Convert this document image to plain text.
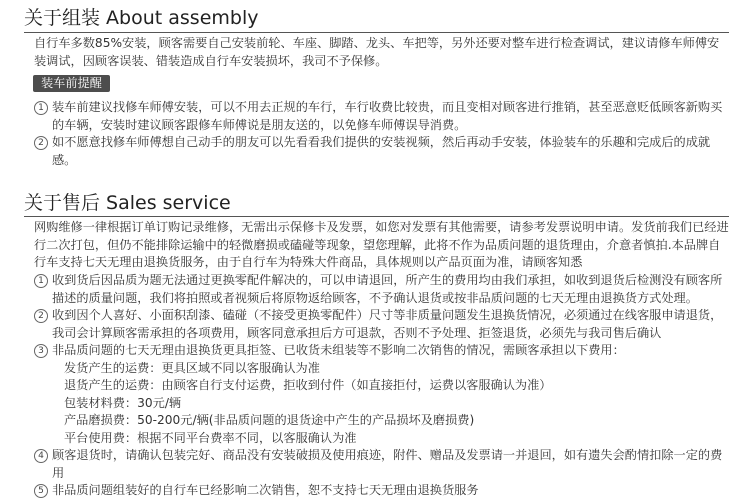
关于组装 About assembly
自行车多数85%安装，顾客需要自己安装前轮、车座、脚踏、龙头、车把等，另外还要对整车进行检查调试，建议请修车师傅安装调试，因顾客误装、错装造成自行车安装损坏，我司不予保修。
装车前提醒
1 装车前建议找修车师傅安装，可以不用去正规的车行，车行收费比较贵，而且变相对顾客进行推销，甚至恶意贬低顾客新购买的车辆，安装时建议顾客跟修车师傅说是朋友送的，以免修车师傅误导消费。
2 如不愿意找修车师傅想自己动手的朋友可以先看看我们提供的安装视频，然后再动手安装，体验装车的乐趣和完成后的成就感。
关于售后 Sales service
网购维修一律根据订单订购记录维修，无需出示保修卡及发票，如您对发票有其他需要，请参考发票说明申请。发货前我们已经进行二次打包，但仍不能排除运输中的轻微磨损或磕碰等现象，望您理解，此将不作为品质问题的退货理由，介意者慎拍.本品牌自行车支持七天无理由退换货服务，由于自行车为特殊大件商品，具体规则以产品页面为准，请顾客知悉
1 收到货后因品质为题无法通过更换零配件解决的，可以申请退回，所产生的费用均由我们承担，如收到退货后检测没有顾客所描述的质量问题，我们将拍照或者视频后将原物返给顾客，不予确认退货或按非品质问题的七天无理由退换货方式处理。
2 收到因个人喜好、小面积刮漆、磕碰（不接受更换零配件）尺寸等非质量问题发生退换货情况，必须通过在线客服申请退货，我司会计算顾客需承担的各项费用，顾客同意承担后方可退款，否则不予处理、拒签退货，必须先与我司售后确认
3 非品质问题的七天无理由退换货更具拒签、已收货未组装等不影响二次销售的情况，需顾客承担以下费用：
发货产生的运费：更具区域不同以客服确认为准
退货产生的运费：由顾客自行支付运费，拒收到付件（如直接拒付，运费以客服确认为准）
包装材料费：30元/辆
产品磨损费：50-200元/辆(非品质问题的退货途中产生的产品损坏及磨损费)
平台使用费：根据不同平台费率不同，以客服确认为准
4 顾客退货时，请确认包装完好、商品没有安装破损及使用痕迹，附件、赠品及发票请一并退回，如有遗失会酌情扣除一定的费用
5 非品质问题组装好的自行车已经影响二次销售，恕不支持七天无理由退换货服务
